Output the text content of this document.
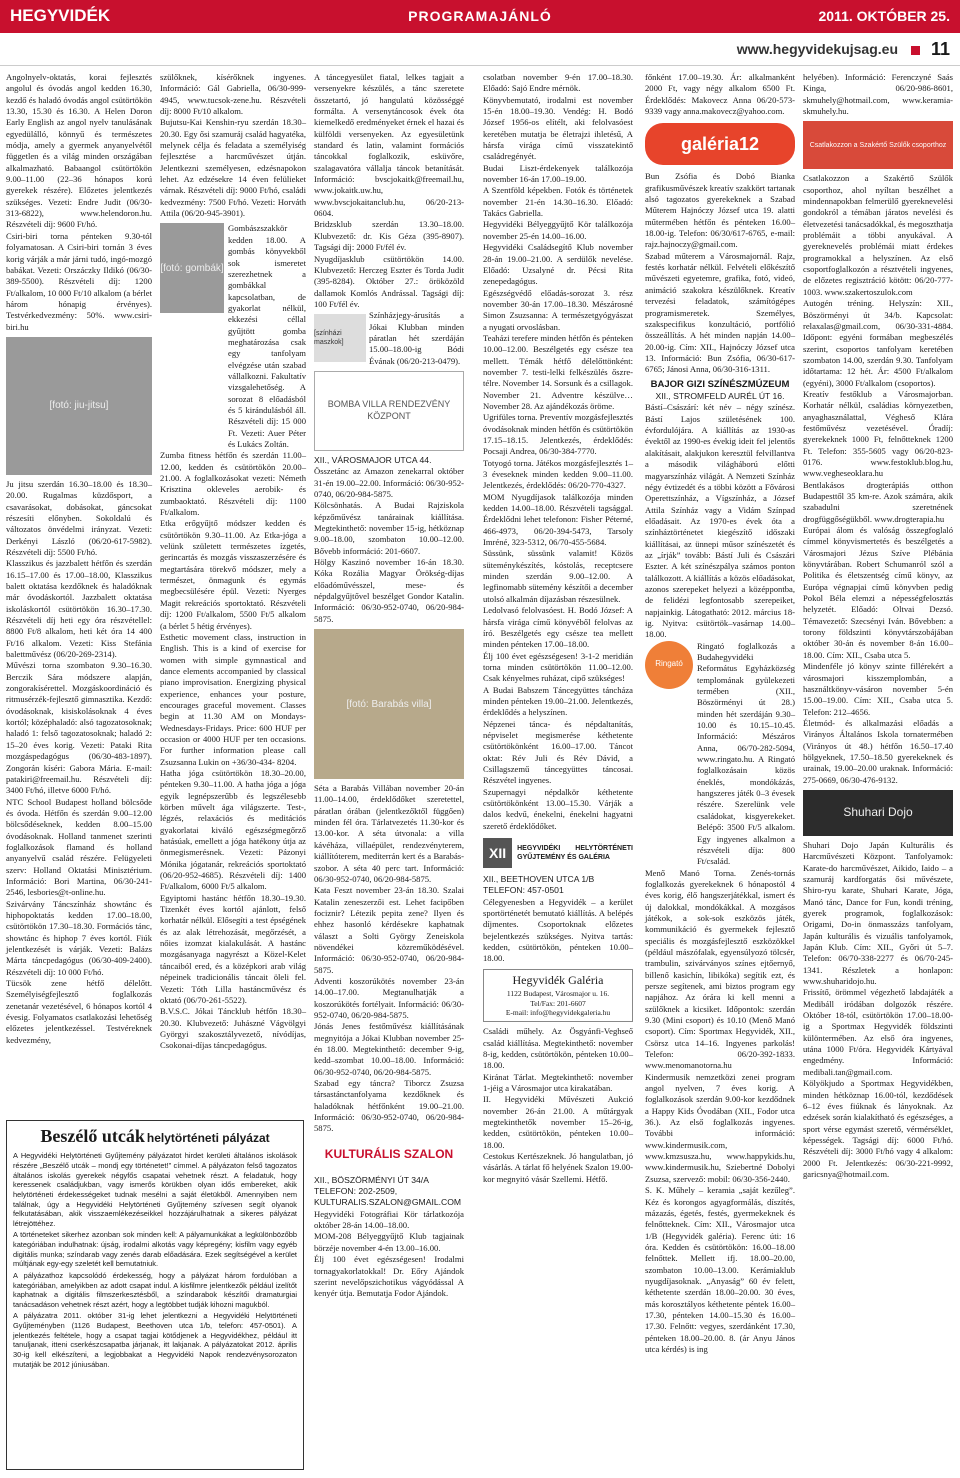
HEGYVIDÉK	PROGRAMAJÁNLÓ	2011. OKTÓBER 25.
www.hegyvidekujsag.eu 11

Angolnyelv-oktatás, korai fejlesztés angolul és óvodás angol kedden 16.30, kezdő és haladó óvodás angol csütörtökön 13.30, 15.30 és 16.30. A Helen Doron Early English az angol nyelv tanulásának egyedülálló, könnyű és természetes módja, amely a gyermek anyanyelvétől független és a világ minden országában alkalmazható. Babaangol csütörtökön 9.00–11.00 (22–36 hónapos korú gyerekek részére). Előzetes jelentkezés szükséges. Vezeti: Endre Judit (06/30-313-6822), www.helendoron.hu. Részvételi díj: 9600 Ft/hó.

Csiri-biri torna pénteken 9.30-tól folyamatosan. A Csiri-biri tornán 3 éves korig várják a már járni tudó, ingó-mozgó babákat. Vezeti: Orszáczky Ildikó (06/30-389-5500). Részvételi díj: 1200 Ft/alkalom, 10 000 Ft/10 alkalom (a bérlet három hónapig érvényes). Testvérkedvezmény: 50%. www.csiri-biri.hu

[fotó: jiu-jitsu]

Ju jitsu szerdán 16.30–18.00 és 18.30–20.00. Rugalmas küzdősport, a csavarásokat, dobásokat, gáncsokat részesíti előnyben. Sokoldalú és változatos önvédelmi irányzat. Vezeti: Derkényi László (06/20-617-5982). Részvételi díj: 5500 Ft/hó.

Klasszikus és jazzbalett hétfőn és szerdán 16.15–17.00 és 17.00–18.00, Klasszikus balett oktatása kezdőknek és haladóknak már óvodáskortól. Jazzbalett oktatása iskoláskortól csütörtökön 16.30–17.30. Részvételi díj heti egy óra részvétellel: 8800 Ft/8 alkalom, heti két óra 14 400 Ft/16 alkalom. Vezeti: Kiss Stefánia balettművész (06/20-269-2314).

Művészi torna szombaton 9.30–16.30. Berczik Sára módszere alapján, zongorakísérettel. Mozgáskoordináció és ritmusérzék-fejlesztő gimnasztika. Kezdő: óvodásoknak, kisiskolásoknak 4 éves kortól; középhaladó: alsó tagozatosoknak; haladó 1: felső tagozatosoknak; haladó 2: 15–20 éves korig. Vezeti: Pataki Rita mozgáspedagógus (06/30-483-1897). Zongorán kíséri: Gabora Mária. E-mail: patakiri@freemail.hu. Részvételi díj: 3400 Ft/hó, illetve 6000 Ft/hó.

NTC School Budapest holland bölcsőde és óvoda. Hétfőn és szerdán 9.00–12.00 bölcsődéseknek, kedden 8.00–15.00 óvodásoknak. Holland tanmenet szerinti foglalkozások flamand és holland anyanyelvű család részére. Felügyeleti szerv: Holland Oktatási Minisztérium. Információ: Bori Martina, 06/30-241-2546, lesbories@t-online.hu.

Szivárvány Táncszínház showtánc és hiphopoktatás kedden 17.00–18.00, csütörtökön 17.30–18.30. Formációs tánc, showtánc és hiphop 7 éves kortól. Fiúk jelentkezését is várják. Vezeti: Balázs Márta táncpedagógus (06/30-409-2400). Részvételi díj: 10 000 Ft/hó.

Tücsök zene hétfő délelőtt. Személyiségfejlesztő foglalkozás zenetanár vezetésével, 6 hónapos kortól 4 évesig. Folyamatos csatlakozási lehetőség előzetes jelentkezéssel. Testvéreknek kedvezmény,

szülőknek, kísérőknek ingyenes. Információ: Gál Gabriella, 06/30-999-4945, www.tucsok-zene.hu. Részvételi díj: 8000 Ft/10 alkalom.

Bujutsu-Kai Kenshin-ryu szerdán 18.30–20.30. Egy ősi szamuráj család hagyatéka, melynek célja és feladata a személyiség fejlesztése a harcművészet útján. Jelentkezni személyesen, edzésnapokon lehet. Az edzésekre 14 éven felülieket várnak. Részvételi díj: 9000 Ft/hó, családi kedvezmény: 7500 Ft/hó. Vezeti: Horváth Attila (06/20-945-3901).

[fotó: gombák]

Gombászszakkör kedden 18.00. A gombás könyvekből sok ismeretet szerezhetnek a gombákkal kapcsolatban, de gyakorlat nélkül, ekkezési céllal gyűjtött gomba meghatározása csak egy tanfolyam elvégzése után szabad vállalkozni. Fakultatív vizsgalehetőség. A sorozat 8 előadásból és 5 kirándulásból áll. Részvételi díj: 15 000 Ft. Vezeti: Auer Péter és Lukács Zoltán.

Zumba fitness hétfőn és szerdán 11.00–12.00, kedden és csütörtökön 20.00–21.00. A foglalkozásokat vezeti: Németh Krisztina okleveles aerobik- és zumbaoktató. Részvételi díj: 1100 Ft/alkalom.

Etka erőgyűjtő módszer kedden és csütörtökön 9.30–11.00. Az Etka-jóga a velünk született természetes ízgetés, gerincartás és mozgás visszaszerzésére és megtartására törekvő módszer, mely a természet, önmagunk és egymás megbecsülésére épül. Vezeti: Nyerges Magit rekreációs sportoktató. Részvételi díj: 1200 Ft/alkalom, 5500 Ft/5 alkalom (a bérlet 5 hétig érvényes).

Esthetic movement class, instruction in English. This is a kind of exercise for women with simple gymnastical and dance elements accompanied by classical piano improvisation. Energizing physical experience, enhances your posture, encourages graceful movement. Classes begin at 11.30 AM on Mondays-Wednesdays-Fridays. Price: 600 HUF per occasion or 4000 HUF per ten occasions. For further information please call Zsuzsanna Lukin on +36/30-434- 8204.

Hatha jóga csütörtökön 18.30–20.00, pénteken 9.30–11.00. A hatha jóga a jóga egyik legnépszerűbb és legszélesebb körben művelt ága világszerte. Test-, légzés, relaxációs és meditációs gyakorlatai kiváló egészségmegőrző hatásúak, emellett a jóga hatékony útja az önmegismerésnek. Vezeti: Pázonyi Mónika jógatanár, rekreációs sportoktató (06/20-952-4685). Részvételi díj: 1400 Ft/alkalom, 6000 Ft/5 alkalom.

Egyiptomi hastánc hétfőn 18.30–19.30. Tizenkét éves kortól ajánlott, felső korhatár nélkül. Elősegíti a test épségének és az alak létrehozását, megőrzését, a nőies izomzat kialakulását. A hastánc mozgásanyaga nagyrészt a Közel-Kelet táncaiból ered, és a középkori arab világ népeinek tradicionális táncait öleli fel. Vezeti: Tóth Lilla hastáncművész és oktató (06/70-261-5522).

B.V.S.C. Jókai Táncklub hétfőn 18.30–20.30. Klubvezető: Juhászné Vágvölgyi Györgyi szakosztályvezető, nívódíjas, Csokonai-díjas táncpedagógus.

A táncegyesület fiatal, lelkes tagjait a versenyekre készülés, a tánc szeretete összetartó, jó hangulatú közösséggé formálta. A versenytáncosok évek óta kiemelkedő eredményeket érnek el hazai és külföldi versenyeken. Az egyesületünk standard és latin, valamint formációs táncokkal foglalkozik, esküvőre, szalagavatóra vállalja táncok betanítását. Információ: bvscjokaitk@freemail.hu, www.jokaitk.uw.hu, www.bvscjokaitanclub.hu, 06/20-213-0604.

Bridzsklub szerdán 13.30–18.00. Klubvezető: dr. Kis Géza (395-8907). Tagsági díj: 2000 Ft/fél év.

Nyugdíjasklub csütörtökön 14.00. Klubvezető: Herczeg Eszter és Torda Judit (395-8284). Október 27.: öröközöld dallamok Komlós Andrással. Tagsági díj: 100 Ft/fél év.

[színházi maszkok]

Színházjegy-árusítás a Jókai Klubban minden páratlan hét szerdáján 15.00–18.00-ig Bódi Évának (06/20-213-0479).

BOMBA VILLA RENDEZVÉNY KÖZPONT

XII., VÁROSMAJOR UTCA 44.

Összetánc az Amazon zenekarral október 31-én 19.00–22.00. Információ: 06/30-952-0740, 06/20-984-5875.

Kölcsönhatás. A Budai Rajziskola képzőművész tanárainak kiállítása. Megtekinthető: november 15-ig, hétköznap 9.00–18.00, szombaton 10.00–12.00. Bővebb információ: 201-6607.

Hölgy Kaszinó november 16-án 18.30. Kóka Rozália Magyar Örökség-díjas előadóművésszel, mese- és népdalgyűjtővel beszélget Gondor Katalin. Információ: 06/30-952-0740, 06/20-984-5875.

[fotó: Barabás villa]

Séta a Barabás Villában november 20-án 11.00–14.00, érdeklődőket szeretettel, páratlan órában (jelentkezőktől függően) minden fél óra. Tárlatvezetés 11.30-kor és 13.00-kor. A séta útvonala: a villa kávéháza, villaépület, rendezvényterem, kiállítóterem, mediterrán kert és a Barabás-szobor. A séta 40 perc tart. Információ: 06/30-952-0740, 06/20-984-5875.

Kata Feszt november 23-án 18.30. Szalai Katalin zeneszerzői est. Lehet facipőben fociznir? Létezik pepita zene? Ilyen és ehhez hasonló kérdésekre kaphatnak választ a Solti György Zeneiskola növendékei közreműködésével. Információ: 06/30-952-0740, 06/20-984-5875.

Adventi koszorúkötés november 23-án 14.00–17.00. Megtanulhatják a koszorúkötés fortélyait. Információ: 06/30-952-0740, 06/20-984-5875.

Jónás Jenes festőművész kiállításának megnyitója a Jókai Klubban november 25-én 18.00. Megtekinthető: december 9-ig, kedd–szombat 10.00–18.00. Információ: 06/30-952-0740, 06/20-984-5875.

Szabad egy táncra? Tiborcz Zsuzsa társastánctanfolyama kezdőknek és haladóknak hétfőnként 19.00–21.00. Információ: 06/30-952-0740, 06/20-984-5875.

KULTURÁLIS SZALON

XII., BÖSZÖRMÉNYI ÚT 34/A

TELEFON: 202-2509,

KULTURALIS.SZALON@GMAIL.COM

Hegyvidéki Fotográfiai Kör tárlatkozója október 28-án 14.00–18.00.

MOM-208 Bélyeggyűjtő Klub tagjainak börzéje november 4-én 13.00–16.00.

Élj 100 évet egészségesen! Irodalmi tornagyakorlatokkal! Dr. Eőry Ajándok szerint nevelőpszichotikus vágyódással A kenyér útja. Bemutatja Fodor Ajándok.

csolatban november 9-én 17.00–18.30. Előadó: Sajó Endre mérnök.

Könyvbemutató, irodalmi est november 15-én 18.00–19.30. Vendég: H. Bodó József 1956-os elítélt, aki felolvasóest keretében mutatja be életrajzi ihletésű, A hársfa virága című visszatekintő családregényét.

Budai Liszt-érdekenyek találkozója november 16-án 17.00–19.00.

A Szentföld képekben. Fotók és történetek november 21-én 14.30–16.30. Előadó: Takács Gabriella.

Hegyvidéki Bélyeggyűjtő Kör találkozója november 25-én 14.00–16.00.

Hegyvidéki Családsegítő Klub november 28-án 19.00–21.00. A serdülők nevelése. Előadó: Uzsalyné dr. Pécsi Rita zenepedagógus.

Egészségvédő előadás-sorozat 3. rész november 30-án 17.00–18.30. Mészárosné Simon Zsuzsanna: A természetgyógyászat a nyugati orvoslásban.

Teaházi terefere minden hétfőn és pénteken 10.00–12.00. Beszélgetés egy csésze tea mellett. Témák hétfő délelőttönként: november 7. testi-lelki felkészülés őszre-télre. November 14. Sorsunk és a csillagok. November 21. Adventre készülve… November 28. Az ajándékozás öröme.

Ugrifüles torna. Preventív mozgásfejlesztés óvodásoknak minden hétfőn és csütörtökön 17.15–18.15. Jelentkezés, érdeklődés: Pocsaji Andrea, 06/30-384-7770.

Totyogó torna. Játékos mozgásfejlesztés 1–3 éveseknek minden kedden 9.00–11.00. Jelentkezés, érdeklődés: 06/20-770-4327.

MOM Nyugdíjasok találkozója minden kedden 14.00–18.00. Részvételi tagsággal. Érdeklődni lehet telefonon: Fisher Péterné, 466-4973, 06/20-394-5473, Tarsoly Imréné, 323-5312, 06/70-455-5684.

Süssünk, süssünk valamit! Közös süteménykészítés, kóstolás, receptcsere minden szerdán 9.00–12.00. A legfinomabb sütemény készítői a december utolsó alkalmán díjazásban részesülnek.

Ledolvasó felolvasóest. H. Bodó József: A hársfa virága című könyvéből felolvas az író. Beszélgetés egy csésze tea mellett minden pénteken 17.00–18.00.

Élj 100 évet egészségesen! 3-1-2 meridián torna minden csütörtökön 11.00–12.00. Csak kényelmes ruházat, cipő szükséges!

A Budai Babszem Táncegyüttes táncháza minden pénteken 19.00–21.00. Jelentkezés, érdeklődés a helyszínen.

Népzenei tánca- és népdaltanítás, népviselet megismerése kéthetente csütörtökönként 16.00–17.00. Táncot oktat: Rév Juli és Rév Dávid, a Csillagszemű táncegyüttes táncosai. Részvétel ingyenes.

Szupernagyi népdalkör kéthetente csütörtökönként 13.00–15.30. Várják a dalos kedvű, énekelni, énekelni hagyatni szerető érdeklődőket.

XII	HEGYVIDÉKI HELYTÖRTÉNETI GYŰJTEMÉNY ÉS GALÉRIA

XII., BEETHOVEN UTCA 1/B

TELEFON: 457-0501

Célegyenesben a Hegyvidék – a kerület sportörténetét bemutató kiállítás. A belépés díjmentes. Csoportoknak előzetes bejelentkezés szükséges. Nyitva tartás: kedden, csütörtökön, pénteken 10.00–18.00.

Hegyvidék Galéria
1122 Budapest, Városmajor u. 16.
Tel/Fax: 201-6607
E-mail: info@hegyvidekgaleria.hu

Családi műhely. Az Ösgyánfi-Veghseő család kiállítása. Megtekinthető: november 8-ig, kedden, csütörtökön, pénteken 10.00–18.00.

Kiránat Tárlat. Megtekinthető: november 1-jéig a Városmajor utca kirakatában.

II. Hegyvidéki Művészeti Aukció november 26-án 21.00. A műtárgyak megtekinthetők november 15–26-ig, kedden, csütörtökön, pénteken 10.00–18.00.

Cestokus Kertészeknek. Jó hangulatban, jó vásárlás. A tárlat fő helyének Szalon 19.00-kor megnyitó vásár Szellemi. Hétfő.

főnként 17.00–19.30. Ár: alkalmanként 2000 Ft, vagy négy alkalom 6500 Ft. Érdeklődés: Makovecz Anna 06/20-573-9339 vagy anna.makovecz@yahoo.com.

galéria12

Bun Zsófia és Dobó Bianka grafikusművészek kreatív szakkört tartanak alsó tagozatos gyerekeknek a Szabad Műterem Hajnóczy József utca 19. alatti műtermében hétfőn és pénteken 16.00–18.00-ig. Telefon: 06/30/617-6765, e-mail: rajz.hajnoczy@gmail.com.

Szabad műterem a Városmajornál. Rajz, festés korhatár nélkül. Felvételi előkészítő művészeti egyetemre, grafika, fotó, videó, animáció szakokra készülőknek. Kreatív tervezési feladatok, számítógépes programismeretek. Személyes, szakspecifikus konzultáció, portfólió összeállítás. A hét minden napján 14.00–20.00-ig. Cím: XII., Hajnóczy József utca 13. Információ: Bun Zsófia, 06/30-617-6765; Jánosi Anna, 06/30-316-1311.

BAJOR GIZI SZÍNÉSZMÚZEUM

XII., STROMFELD AURÉL ÚT 16.

Bástí–Császárí: két név – négy színész. Bástí Lajos születésének 100. évfordulójára. A kiállítás az 1930-as évektől az 1990-es évekig ideit fel jelentős alakításait, alakjukon keresztül felvillantva a második világháború előtti magyarszínház világát. A Nemzeti Színház négy évtizedét és a többi között a Fővárosi Operettszínház, a Vígszínház, a József Attila Színház vagy a Vidám Színpad előadásait. Az 1970-es évek óta a színháztörténetet kiegészítő időszaki kiállításai, az ünnepi műsor színészetét és az „írják” tovább: Bástí Juli és Császári Eszter. A két színészpálya számos ponton találkozott. A kiállítás a közös előadásokat, azonos szerepeket helyezi a középpontba, de felidézi legfontosabb szerepeiket, napjainkig. Látogatható: 2012. március 18-ig. Nyitva: csütörtök–vasárnap 14.00–18.00.

Ringató

Ringató foglalkozás a Budahegyvidéki Református Egyházközség templomának gyülekezeti termében (XII., Böszörményi út 28.) minden hét szerdáján 9.30–10.00 és 10.15–10.45. Információ: Mészáros Anna, 06/70-282-5094, www.ringato.hu. A Ringató foglalkozásain közös éneklés, mondókázás, hangszeres játék 0–3 évesek részére. Szerelünk vele családokat, kisgyerekeket. Belépő: 3500 Ft/5 alkalom. Egy ingyenes alkalmon a részvételi díja: 800 Ft/család.

Menő Manó Torna. Zenés-tornás foglalkozás gyerekeknek 6 hónapostól 4 éves korig, élő hangszerjátékkal, ismert és új dalokkal, mondókákkal. A mozgásos játékok, a sok-sok eszközös játék, kommunikáció és gyermekek fejlesztő speciális és mozgásfejlesztő eszközökkel (például mászófalak, egyensúlyozó tölcsér, trambulin, szivárványos színes ejtőernyő, billenő kasichín, libikóka) segítik ezt, és persze segítenek, ami biztos program egy napjához. Az órára ki kell menni a szülőknek a kicsiket. Időpontok: szerdán 9.30 (Mini csoport) és 10.10 (Menő Manó csoport). Cím: Sportmax Hegyvidék, XII., Csörsz utca 14–16. Ingyenes parkolás! Telefon: 06/20-392-1833. www.menomanotorna.hu

Kindermusik nemzetközi zenei program angol nyelven, 7 éves korig. A foglalkozások szerdán 9.00-kor kezdődnek a Happy Kids Óvodában (XII., Fodor utca 36.). Az első foglalkozás ingyenes. További információ: www.kindermusik.com, www.kmzsusza.hu, www.happykids.hu, www.kindermusik.hu, Sziebertné Dobolyi Zsuzsa, szervező: mobil: 06/30-356-2440.

S. K. Műhely – keramia „saját kezűleg”. Kéz és korongos agyagformálás, díszítés, mázazás, égetés, festés, gyermekeknek és felnőtteknek. Cím: XII., Városmajor utca 1/B (Hegyvidék galéria). Ferenc úti: 16 óra. Kedden és csütörtökön: 16.00–18.00 felnőttek. Mellett ifj. 18.00–20.00, szombaton 10.00–13.00. Kerámiaklub nyugdíjasoknak. „Anyaság” 60 év felett, kéthetente szerdán 18.00–20.00. 30 éves, más korosztályos kéthetente péntek 16.00–17.30, pénteken 14.00–15.30 és 16.00–17.30. Felnőtt: vegyes, szerdánként 17.30, pénteken 18.00–20.00. 8. (ár Anyu János utca kérdés) is ing

helyében). Információ: Ferenczyné Saás Kinga, 06/20-986-8601, skmuhely@hotmail.com, www.keramia-skmuhely.hu.

Csatlakozzon a Szakértő Szülők csoporthoz

Csatlakozzon a Szakértő Szülők csoporthoz, ahol nyíltan beszélhet a mindennapokban felmerülő gyereknevelési gondokról a témában járatos nevelési és életvezetési tanácsadókkal, és megoszthatja problémáit a többi anyukával. A gyereknevelés problémái miatt érdekes programokkal a helyszínen. Az első csoportfoglalkozón a résztvételi ingyenes, de előzetes regisztráció kötött: 06/20-777-1003. www.szakertoszulok.com

Autogén tréning. Helyszín: XII., Böszörményi út 34/b. Kapcsolat: relaxalas@gmail.com, 06/30-331-4884. Időpont: egyéni formában megbeszélés szerint, csoportos tanfolyam keretében szombaton 14.00, szerdán 9.30. Tanfolyam időtartama: 12 hét. Ár: 4500 Ft/alkalom (egyéni), 3000 Ft/alkalom (csoportos).

Kreatív festőklub a Városmajorban. Korhatár nélkül, családias környezetben, anyaghasználattal, Végheső Klára festőművész vezetésével. Óradíj: gyerekeknek 1000 Ft, felnőtteknek 1200 Ft. Telefon: 355-5605 vagy 06/20-823-0176. www.festoklub.blog.hu, www.vegheseoklara.hu

Bentlakásos drogterápiás otthon Budapesttől 35 km-re. Azok számára, akik szabadulni szeretnének drogfüggőségükből. www.drogterapia.hu

Európai álom és valóság összegfoglaló címmel könyvismertetés és beszélgetés a Városmajori Jézus Szíve Plébánia könyvtárában. Robert Schumanról szól a Politika és életszentség című könyv, az Európa végnapjai című könyvben pedig Pokol Béla elemzi a népességfelosztás helyzetét. Előadó: Oltvai Dezsó. Témavezető: Szecsényi Iván. Bővebben: a torony földszinti könyvtárszobájában október 30-án és november 8-án 16.00–18.00. Cím: XII., Csaba utca 5.

Mindenféle jó könyv szinte fillérekért a városmajori kisszemplombán, a használtkönyv-vásáron november 5-én 15.00–19.00. Cím: XII., Csaba utca 5. Telefon: 212–4656.

Életmód- és alkalmazási előadás a Virányos Általános Iskola tornatermében (Virányos út 48.) hétfőn 16.50–17.40 hölgyeknek, 17.50–18.50 gyerekeknek és urainak, 19.00–20.00 uraknak. Információ: 275-0669, 06/30-476-9132.

Shuhari Dojo

Shuhari Dojo Japán Kulturális és Harcművészeti Központ. Tanfolyamok: Karate-do harcművészet, Aikido, Iaido – a szamuráj kardforgatás ősi művészete, Shiro-ryu karate, Shuhari Karate, Jóga, Manó tánc, Dance for Fun, kondi tréning, gyerek programok, foglalkozások: Origami, Do-in önmasszázs tanfolyam, Japán kulturális és vizuális tanfolyamok, Japán Klub. Cím: XII., Győri út 5–7. Telefon: 06/70-338-2277 és 06/70-245-1341. Részletek a honlapon: www.shuharidojo.hu.

Frissítő, örömmel végezhető labdajáték a Medibáll iródában dolgozók részére. Október 18-tól, csütörtökön 17.00–18.00-ig a Sportmax Hegyvidék földszinti különtermében. Az első óra ingyenes, utána 1000 Ft/óra. Hegyvidék Kártyával engedmény. Információ: medibali.tan@gmail.com.

Kölyökjudo a Sportmax Hegyvidékben, minden hétköznap 16.00-tól, kezdődések 6–12 éves fiúknak és lányoknak. Az edzések során kialakítható és egészséges, a sport vérse egymást szerető, vérmérséklet, képességek. Tagsági díj: 6000 Ft/hó. Részvételi díj: 3000 Ft/hó vagy 4 alkalom: 2000 Ft. Jelentkezés: 06/30-221-9992, garicsnya@hotmail.com.

Beszélő utcák helytörténeti pályázat

A Hegyvidéki Helytörténeti Gyűjtemény pályázatot hirdet kerületi általános iskolások részére „Beszélő utcák – mondj egy történetet!” címmel. A pályázaton felső tagozatos általános iskolás gyerekek négyfős csapatai vehetnek részt. A feladatuk, hogy keressenek családjukban, vagy ismerős körükben olyan idős embereket, akik helytörténeti érdekességeket tudnak mesélni a saját életükből. Amennyiben nem találnak, úgy a Hegyvidéki Helytörténeti Gyűjtemény szívesen segít olyanok felkutatásában, akik visszaemlékezéseikkel hozzájárulhatnak a sikeres pályázat létrejöttéhez.

A történeteket sikerhez azonban sok minden kell: A pályamunkákat a legkülönbözőbb kategóriában indulhatnak: újság, irodalmi alkotás vagy képregény; kisfilm vagy egyéb digitális munka; színdarab vagy zenés darab előadására. Ezek segítségével a kerület múltjának egy-egy szeletét kell bemutatniuk.

A pályázathoz kapcsolódó érdekesség, hogy a pályázat három fordulóban a kategóriában, amelyikben az adott csapat indul. A kisfilmre jelentkezők például izelítőt kaphatnak a digitális filmszerkesztésből, a színdarabok készítői dramaturgiai tanácsadáson vehetnek részt azért, hogy a legtöbbet tudják kihozni magukból.

A pályázatra 2011. október 31-ig lehet jelentkezni a Hegyvidéki Helytörténeti Gyűjteményben (1126 Budapest, Beethoven utca 1/b, telefon: 457-0501). A jelentkezés feltétele, hogy a csapat tagjai kötődjenek a Hegyvidékhez, például itt tanuljanak, itteni cserkészcsapatba járjanak, itt lakjanak. A pályázatokat 2012. április 30-ig kell elkészíteni, a legjobbakat a Hegyvidéki Napok rendezvénysorozaton mutatják be 2012 júniusában.
